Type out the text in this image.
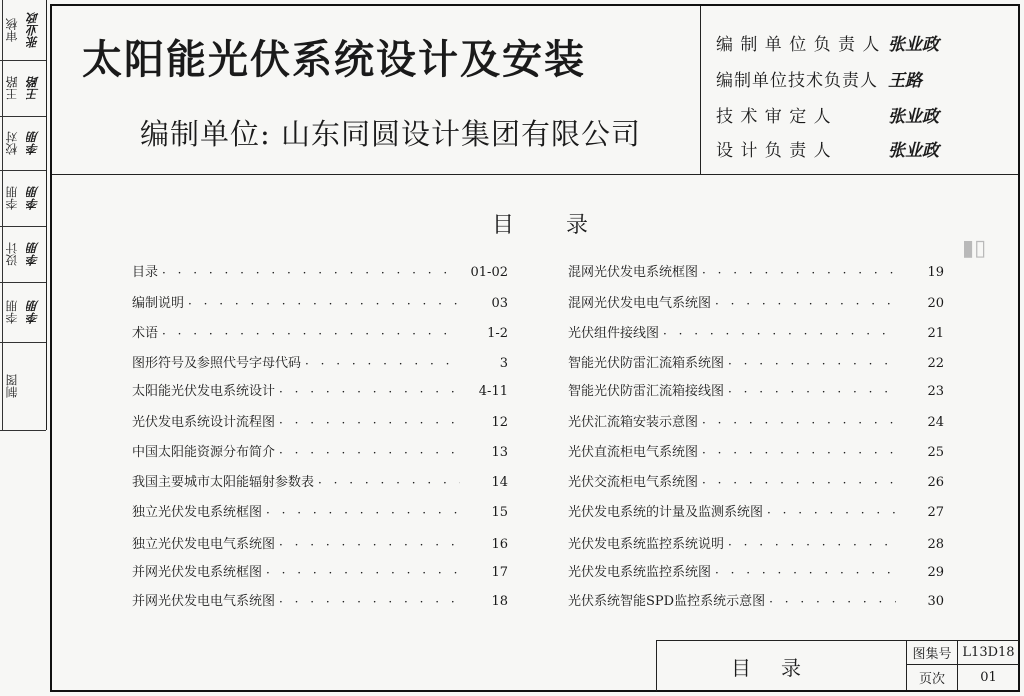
审核 张业政
王路 王路
校对 李朋
李朋 李朋
设计 李朋
李朋 李朋
制图
太阳能光伏系统设计及安装
编制单位: 山东同圆设计集团有限公司
编 制 单 位 负 责 人 张业政
编制单位技术负责人 王路
技 术 审 定 人	张业政
设 计 负 责 人	张业政
目录
目录 · · ·	01-02
编制说明 · · ·	03
术语 · · ·	1-2
图形符号及参照代号字母代码 · · ·	3
太阳能光伏发电系统设计 · · ·	4-11
光伏发电系统设计流程图 · · ·	12
中国太阳能资源分布简介 · · ·	13
我国主要城市太阳能辐射参数表 · · ·	14
独立光伏发电系统框图 · · ·	15
独立光伏发电电气系统图 · · ·	16
并网光伏发电系统框图 · · ·	17
并网光伏发电电气系统图 · · ·	18
混网光伏发电系统框图 · · ·	19
混网光伏发电电气系统图 · · ·	20
光伏组件接线图 · · ·	21
智能光伏防雷汇流箱系统图 · · ·	22
智能光伏防雷汇流箱接线图 · · ·	23
光伏汇流箱安装示意图 · · ·	24
光伏直流柜电气系统图 · · ·	25
光伏交流柜电气系统图 · · ·	26
光伏发电系统的计量及监测系统图 · · ·	27
光伏发电系统监控系统说明 · · ·	28
光伏发电系统监控系统图 · · ·	29
光伏系统智能SPD监控系统示意图 · · ·	30
▮▯
目录
图集号 L13D18
页次	01
